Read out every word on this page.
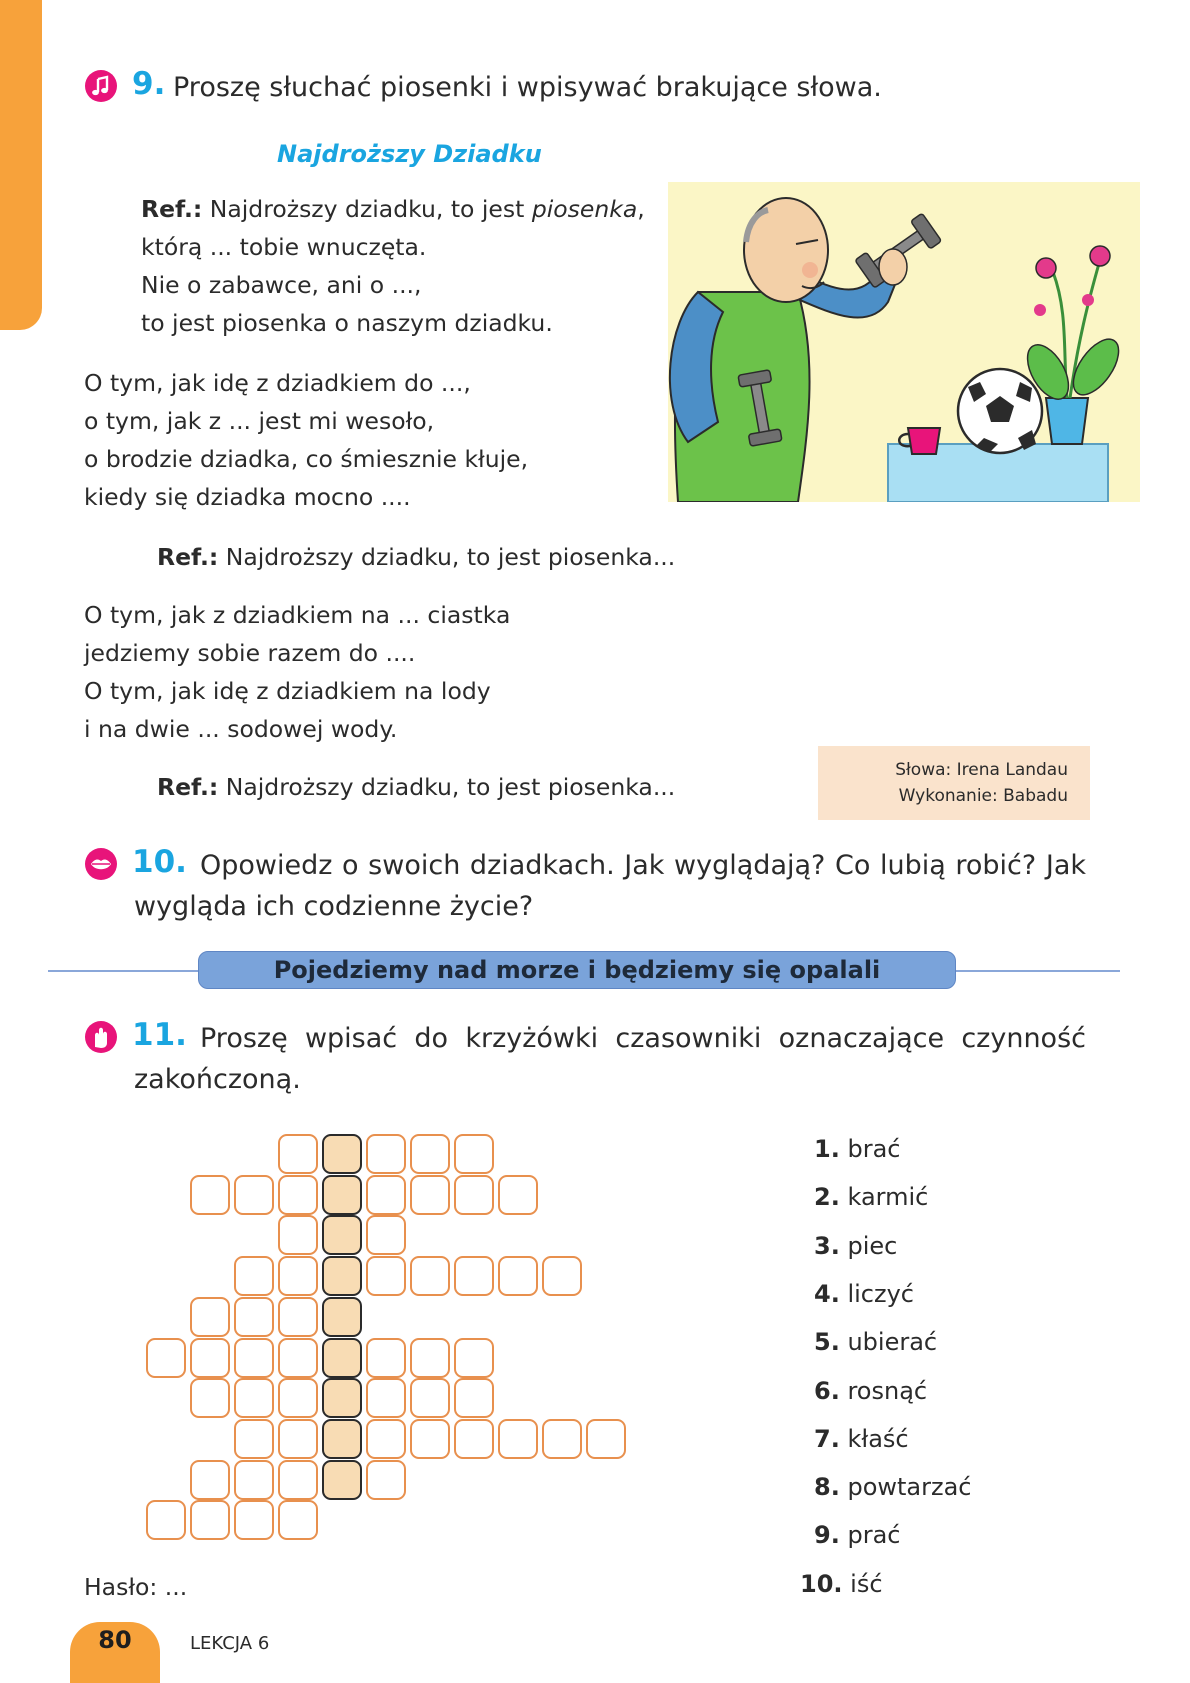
9. Proszę słuchać piosenki i wpisywać brakujące słowa.
Najdroższy Dziadku
Ref.: Najdroższy dziadku, to jest piosenka,
którą ... tobie wnuczęta.
Nie o zabawce, ani o ...,
to jest piosenka o naszym dziadku.
O tym, jak idę z dziadkiem do ...,
o tym, jak z ... jest mi wesoło,
o brodzie dziadka, co śmiesznie kłuje,
kiedy się dziadka mocno ....
Ref.: Najdroższy dziadku, to jest piosenka...
O tym, jak z dziadkiem na ... ciastka
jedziemy sobie razem do ....
O tym, jak idę z dziadkiem na lody
i na dwie ... sodowej wody.
Ref.: Najdroższy dziadku, to jest piosenka...
Słowa: Irena Landau
Wykonanie: Babadu
10. Opowiedz o swoich dziadkach. Jak wyglądają? Co lubią robić? Jak
wygląda ich codzienne życie?
Pojedziemy nad morze i będziemy się opalali
11. Proszę wpisać do krzyżówki czasowniki oznaczające czynność
zakończoną.
1. brać
2. karmić
3. piec
4. liczyć
5. ubierać
6. rosnąć
7. kłaść
8. powtarzać
9. prać
10. iść
Hasło: ...
80	LEKCJA 6
